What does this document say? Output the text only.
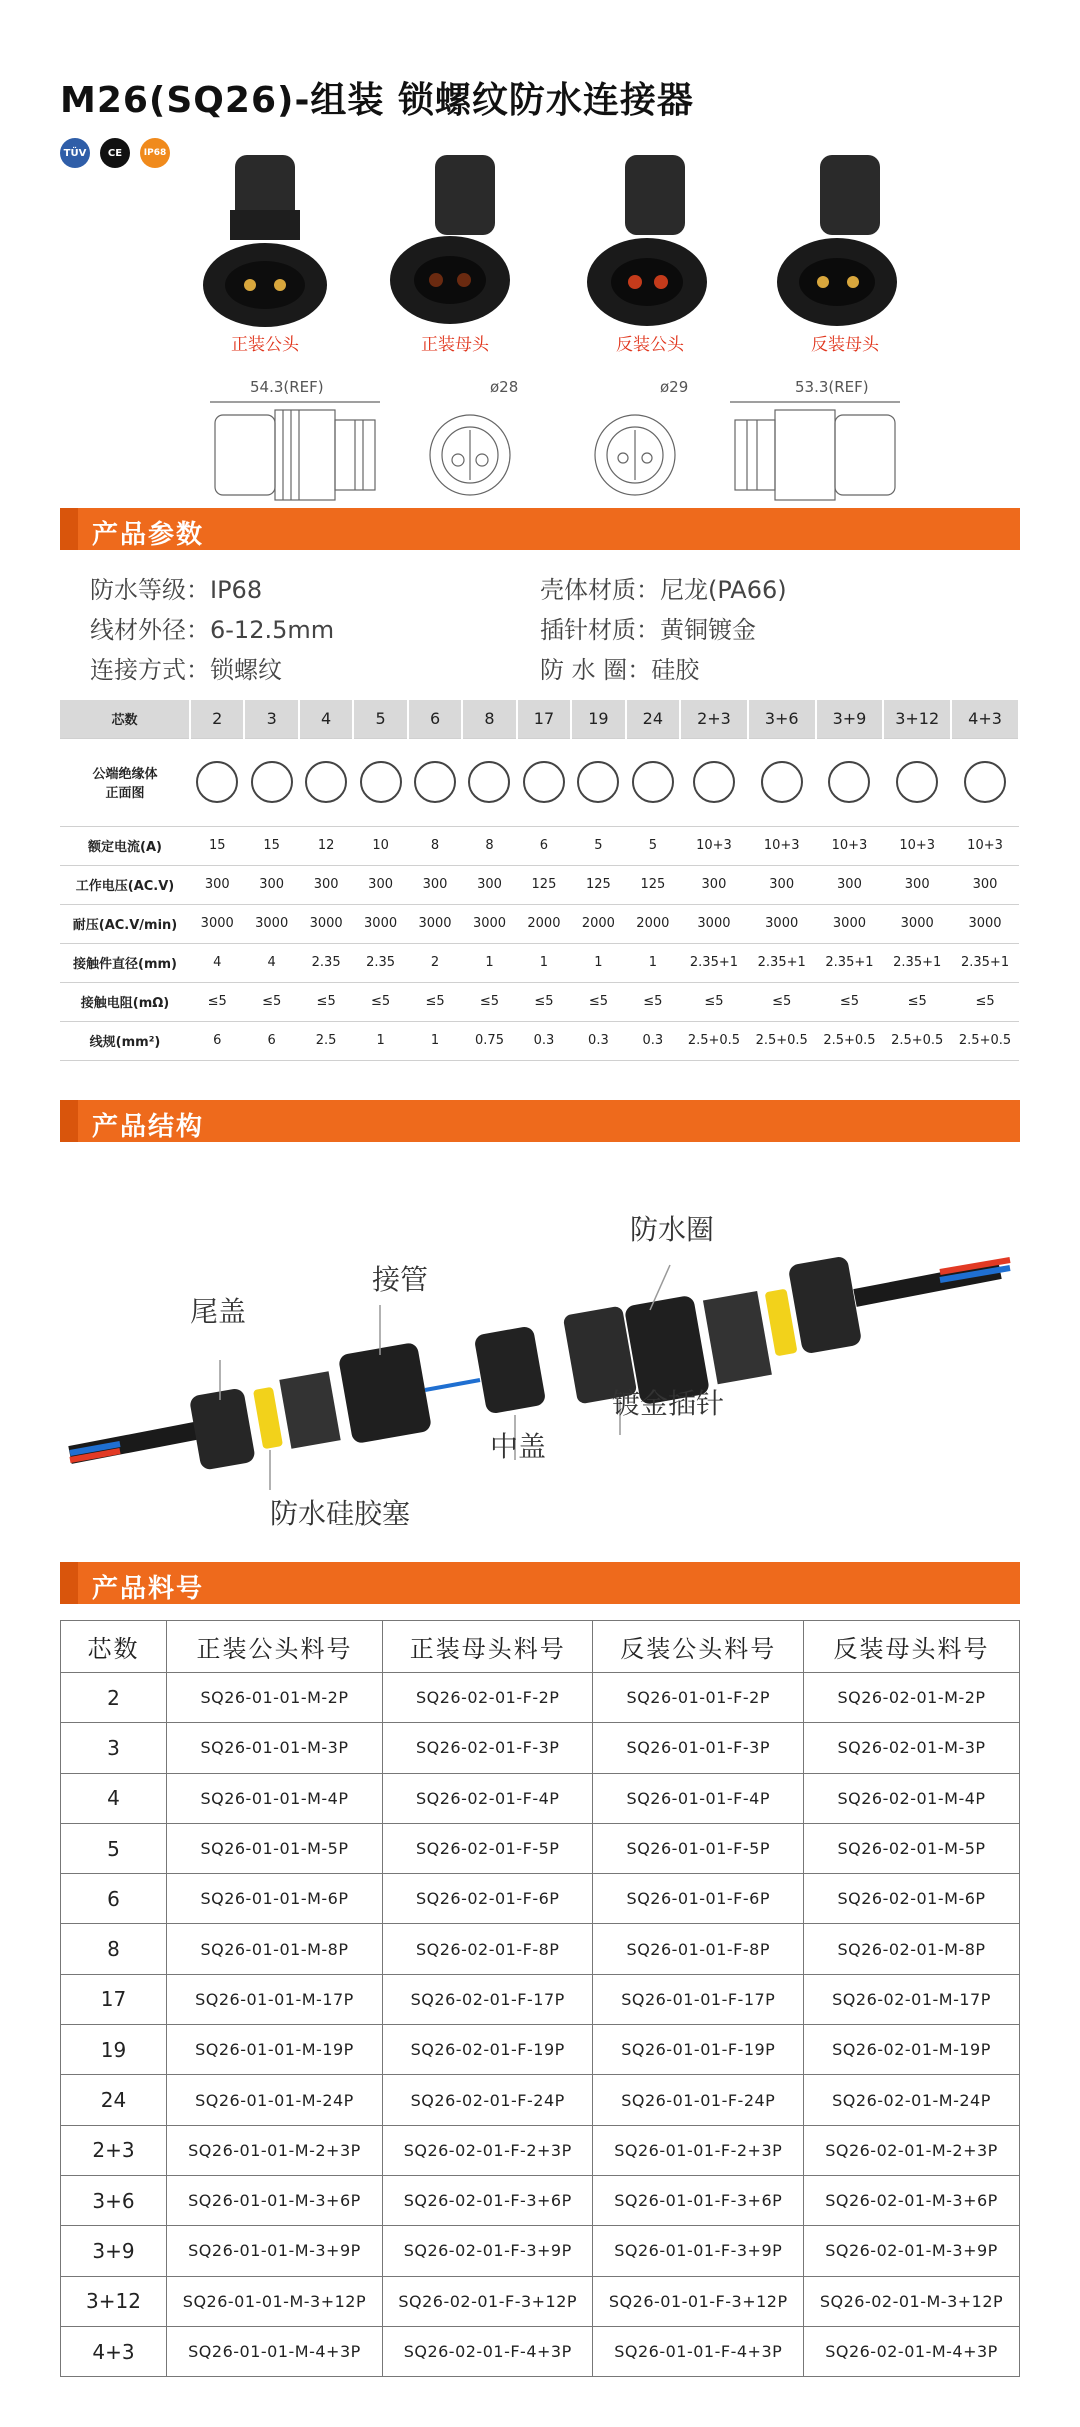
M26(SQ26)-组装 锁螺纹防水连接器
TÜV	CE	IP68
正装公头	正装母头	反装公头	反装母头
54.3(REF)	ø28	ø29	53.3(REF)
产品参数
防水等级：IP68	壳体材质：尼龙(PA66)
线材外径：6-12.5mm	插针材质：黄铜镀金
连接方式：锁螺纹	防 水 圈：硅胶
芯数	2	3	4	5	6	8	17	19	24	2+3	3+6	3+9	3+12	4+3
公端绝缘体
正面图														
额定电流(A)	15	15	12	10	8	8	6	5	5	10+3	10+3	10+3	10+3	10+3
工作电压(AC.V)	300	300	300	300	300	300	125	125	125	300	300	300	300	300
耐压(AC.V/min)	3000	3000	3000	3000	3000	3000	2000	2000	2000	3000	3000	3000	3000	3000
接触件直径(mm)	4	4	2.35	2.35	2	1	1	1	1	2.35+1	2.35+1	2.35+1	2.35+1	2.35+1
接触电阻(mΩ)	≤5	≤5	≤5	≤5	≤5	≤5	≤5	≤5	≤5	≤5	≤5	≤5	≤5	≤5
线规(mm²)	6	6	2.5	1	1	0.75	0.3	0.3	0.3	2.5+0.5	2.5+0.5	2.5+0.5	2.5+0.5	2.5+0.5
产品结构
尾盖
接管
防水圈
镀金插针
中盖
防水硅胶塞
产品料号
芯数	正装公头料号	正装母头料号	反装公头料号	反装母头料号
2	SQ26-01-01-M-2P	SQ26-02-01-F-2P	SQ26-01-01-F-2P	SQ26-02-01-M-2P
3	SQ26-01-01-M-3P	SQ26-02-01-F-3P	SQ26-01-01-F-3P	SQ26-02-01-M-3P
4	SQ26-01-01-M-4P	SQ26-02-01-F-4P	SQ26-01-01-F-4P	SQ26-02-01-M-4P
5	SQ26-01-01-M-5P	SQ26-02-01-F-5P	SQ26-01-01-F-5P	SQ26-02-01-M-5P
6	SQ26-01-01-M-6P	SQ26-02-01-F-6P	SQ26-01-01-F-6P	SQ26-02-01-M-6P
8	SQ26-01-01-M-8P	SQ26-02-01-F-8P	SQ26-01-01-F-8P	SQ26-02-01-M-8P
17	SQ26-01-01-M-17P	SQ26-02-01-F-17P	SQ26-01-01-F-17P	SQ26-02-01-M-17P
19	SQ26-01-01-M-19P	SQ26-02-01-F-19P	SQ26-01-01-F-19P	SQ26-02-01-M-19P
24	SQ26-01-01-M-24P	SQ26-02-01-F-24P	SQ26-01-01-F-24P	SQ26-02-01-M-24P
2+3	SQ26-01-01-M-2+3P	SQ26-02-01-F-2+3P	SQ26-01-01-F-2+3P	SQ26-02-01-M-2+3P
3+6	SQ26-01-01-M-3+6P	SQ26-02-01-F-3+6P	SQ26-01-01-F-3+6P	SQ26-02-01-M-3+6P
3+9	SQ26-01-01-M-3+9P	SQ26-02-01-F-3+9P	SQ26-01-01-F-3+9P	SQ26-02-01-M-3+9P
3+12	SQ26-01-01-M-3+12P	SQ26-02-01-F-3+12P	SQ26-01-01-F-3+12P	SQ26-02-01-M-3+12P
4+3	SQ26-01-01-M-4+3P	SQ26-02-01-F-4+3P	SQ26-01-01-F-4+3P	SQ26-02-01-M-4+3P
